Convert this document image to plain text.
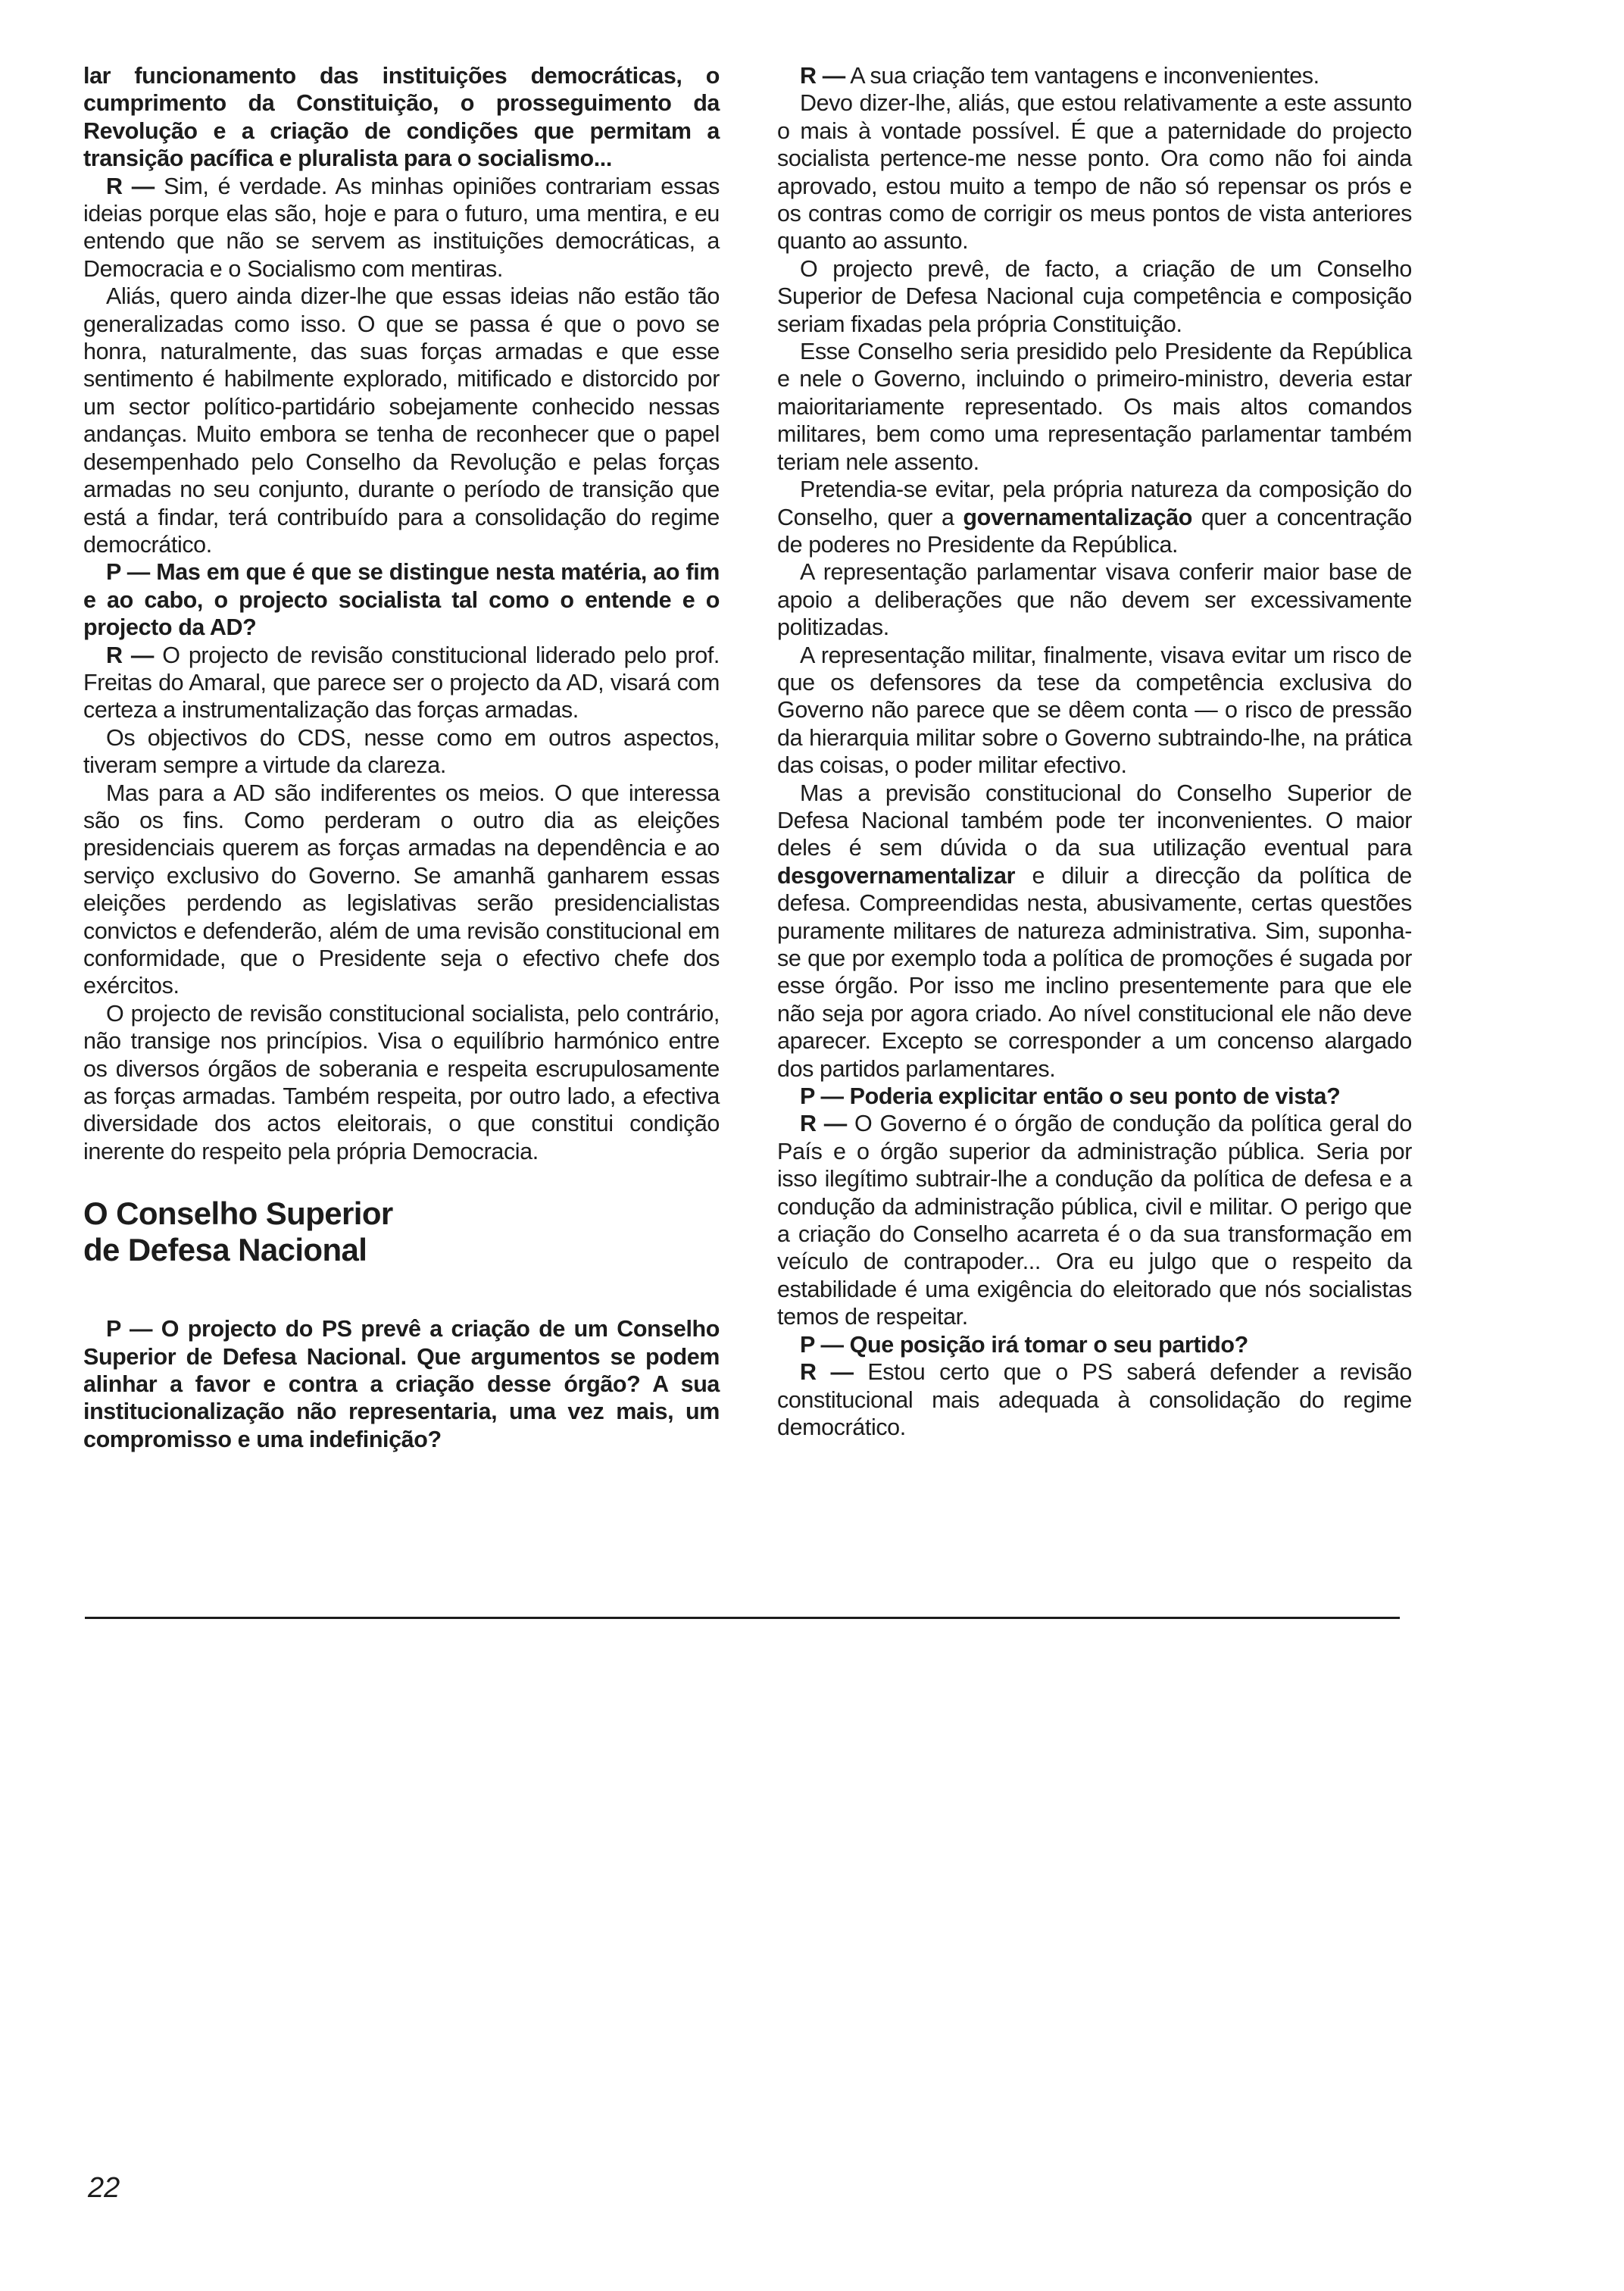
lar funcionamento das instituições democráticas, o cumprimento da Constituição, o prosseguimento da Revolução e a criação de condições que permitam a transição pacífica e pluralista para o socialismo...

R — Sim, é verdade. As minhas opiniões contrariam essas ideias porque elas são, hoje e para o futuro, uma mentira, e eu entendo que não se servem as instituições democráticas, a Democracia e o Socialismo com mentiras.

Aliás, quero ainda dizer-lhe que essas ideias não estão tão generalizadas como isso. O que se passa é que o povo se honra, naturalmente, das suas forças armadas e que esse sentimento é habilmente explorado, mitificado e distorcido por um sector político-partidário sobejamente conhecido nessas andanças. Muito embora se tenha de reconhecer que o papel desempenhado pelo Conselho da Revolução e pelas forças armadas no seu conjunto, durante o período de transição que está a findar, terá contribuído para a consolidação do regime democrático.

P — Mas em que é que se distingue nesta matéria, ao fim e ao cabo, o projecto socialista tal como o entende e o projecto da AD?

R — O projecto de revisão constitucional liderado pelo prof. Freitas do Amaral, que parece ser o projecto da AD, visará com certeza a instrumentalização das forças armadas.

Os objectivos do CDS, nesse como em outros aspectos, tiveram sempre a virtude da clareza.

Mas para a AD são indiferentes os meios. O que interessa são os fins. Como perderam o outro dia as eleições presidenciais querem as forças armadas na dependência e ao serviço exclusivo do Governo. Se amanhã ganharem essas eleições perdendo as legislativas serão presidencialistas convictos e defenderão, além de uma revisão constitucional em conformidade, que o Presidente seja o efectivo chefe dos exércitos.

O projecto de revisão constitucional socialista, pelo contrário, não transige nos princípios. Visa o equilíbrio harmónico entre os diversos órgãos de soberania e respeita escrupulosamente as forças armadas. Também respeita, por outro lado, a efectiva diversidade dos actos eleitorais, o que constitui condição inerente do respeito pela própria Democracia.

O Conselho Superior
de Defesa Nacional

P — O projecto do PS prevê a criação de um Conselho Superior de Defesa Nacional. Que argumentos se podem alinhar a favor e contra a criação desse órgão? A sua institucionalização não representaria, uma vez mais, um compromisso e uma indefinição?

R — A sua criação tem vantagens e inconvenientes.

Devo dizer-lhe, aliás, que estou relativamente a este assunto o mais à vontade possível. É que a paternidade do projecto socialista pertence-me nesse ponto. Ora como não foi ainda aprovado, estou muito a tempo de não só repensar os prós e os contras como de corrigir os meus pontos de vista anteriores quanto ao assunto.

O projecto prevê, de facto, a criação de um Conselho Superior de Defesa Nacional cuja competência e composição seriam fixadas pela própria Constituição.

Esse Conselho seria presidido pelo Presidente da República e nele o Governo, incluindo o primeiro-ministro, deveria estar maioritariamente representado. Os mais altos comandos militares, bem como uma representação parlamentar também teriam nele assento.

Pretendia-se evitar, pela própria natureza da composição do Conselho, quer a governamentalização quer a concentração de poderes no Presidente da República.

A representação parlamentar visava conferir maior base de apoio a deliberações que não devem ser excessivamente politizadas.

A representação militar, finalmente, visava evitar um risco de que os defensores da tese da competência exclusiva do Governo não parece que se dêem conta — o risco de pressão da hierarquia militar sobre o Governo subtraindo-lhe, na prática das coisas, o poder militar efectivo.

Mas a previsão constitucional do Conselho Superior de Defesa Nacional também pode ter inconvenientes. O maior deles é sem dúvida o da sua utilização eventual para desgovernamentalizar e diluir a direcção da política de defesa. Compreendidas nesta, abusivamente, certas questões puramente militares de natureza administrativa. Sim, suponha-se que por exemplo toda a política de promoções é sugada por esse órgão. Por isso me inclino presentemente para que ele não seja por agora criado. Ao nível constitucional ele não deve aparecer. Excepto se corresponder a um concenso alargado dos partidos parlamentares.

P — Poderia explicitar então o seu ponto de vista?

R — O Governo é o órgão de condução da política geral do País e o órgão superior da administração pública. Seria por isso ilegítimo subtrair-lhe a condução da política de defesa e a condução da administração pública, civil e militar. O perigo que a criação do Conselho acarreta é o da sua transformação em veículo de contrapoder... Ora eu julgo que o respeito da estabilidade é uma exigência do eleitorado que nós socialistas temos de respeitar.

P — Que posição irá tomar o seu partido?

R — Estou certo que o PS saberá defender a revisão constitucional mais adequada à consolidação do regime democrático.

22
